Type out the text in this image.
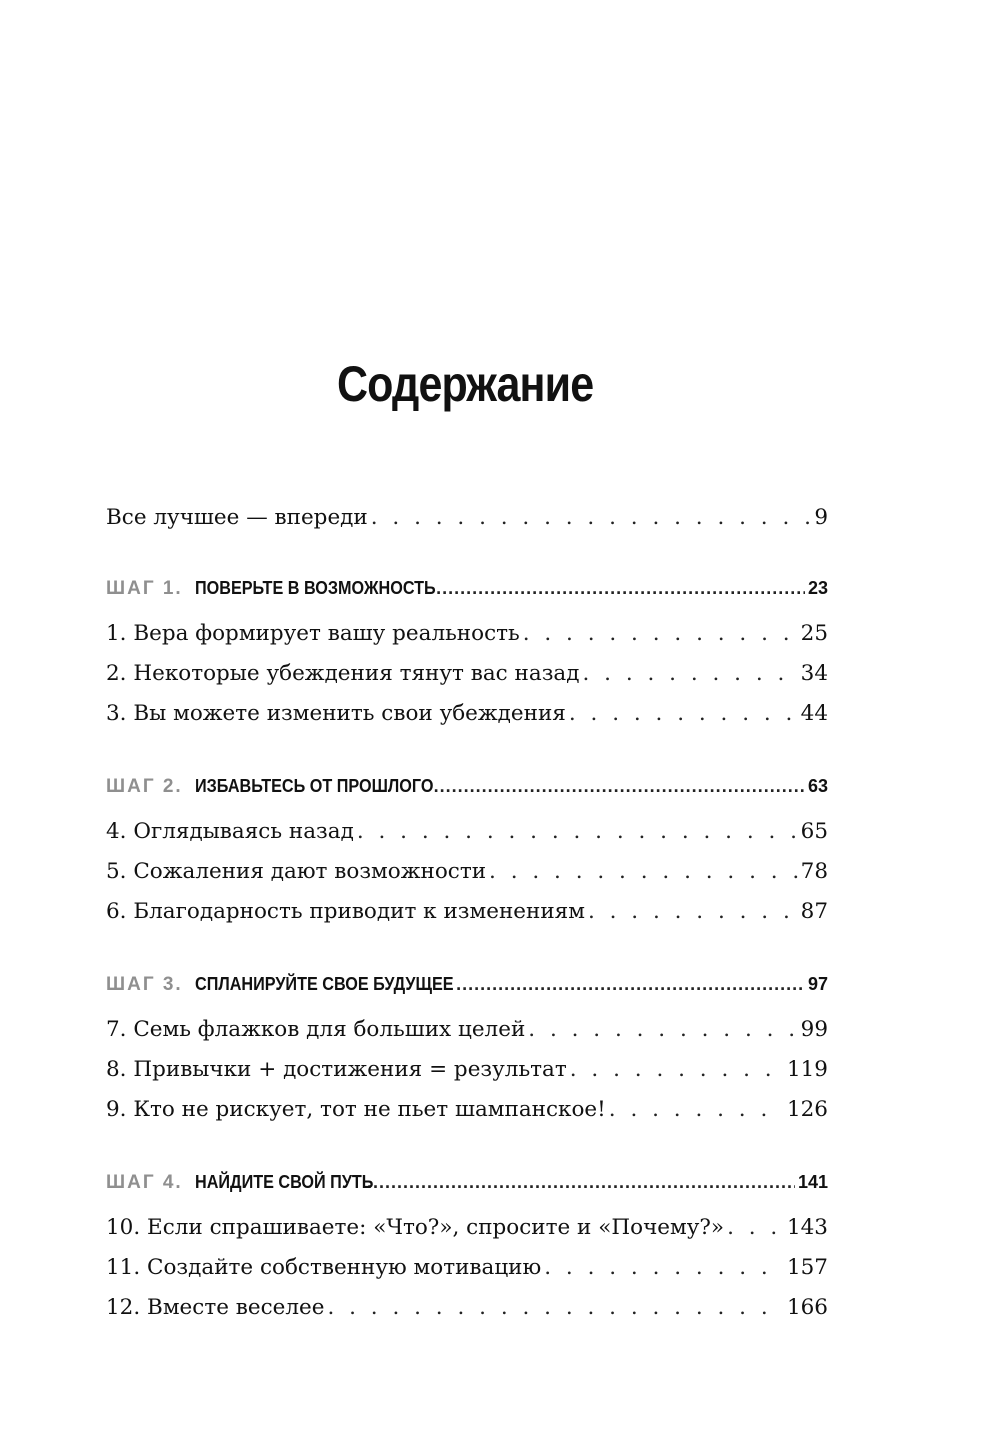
Содержание
Все лучшее — впереди . . .	9
ШАГ 1. ПОВЕРЬТЕ В ВОЗМОЖНОСТЬ .....	23
1. Вера формирует вашу реальность . . .	25
2. Некоторые убеждения тянут вас назад . . .	34
3. Вы можете изменить свои убеждения . . .	44
ШАГ 2. ИЗБАВЬТЕСЬ ОТ ПРОШЛОГО .....	63
4. Оглядываясь назад . . .	65
5. Сожаления дают возможности . . .	78
6. Благодарность приводит к изменениям . . .	87
ШАГ 3. СПЛАНИРУЙТЕ СВОЕ БУДУЩЕЕ .....	97
7. Семь флажков для больших целей . . .	99
8. Привычки + достижения = результат . . .	119
9. Кто не рискует, тот не пьет шампанское! . . .	126
ШАГ 4. НАЙДИТЕ СВОЙ ПУТЬ .....	141
10. Если спрашиваете: «Что?», спросите и «Почему?» . . .	143
11. Создайте собственную мотивацию . . .	157
12. Вместе веселее . . .	166
